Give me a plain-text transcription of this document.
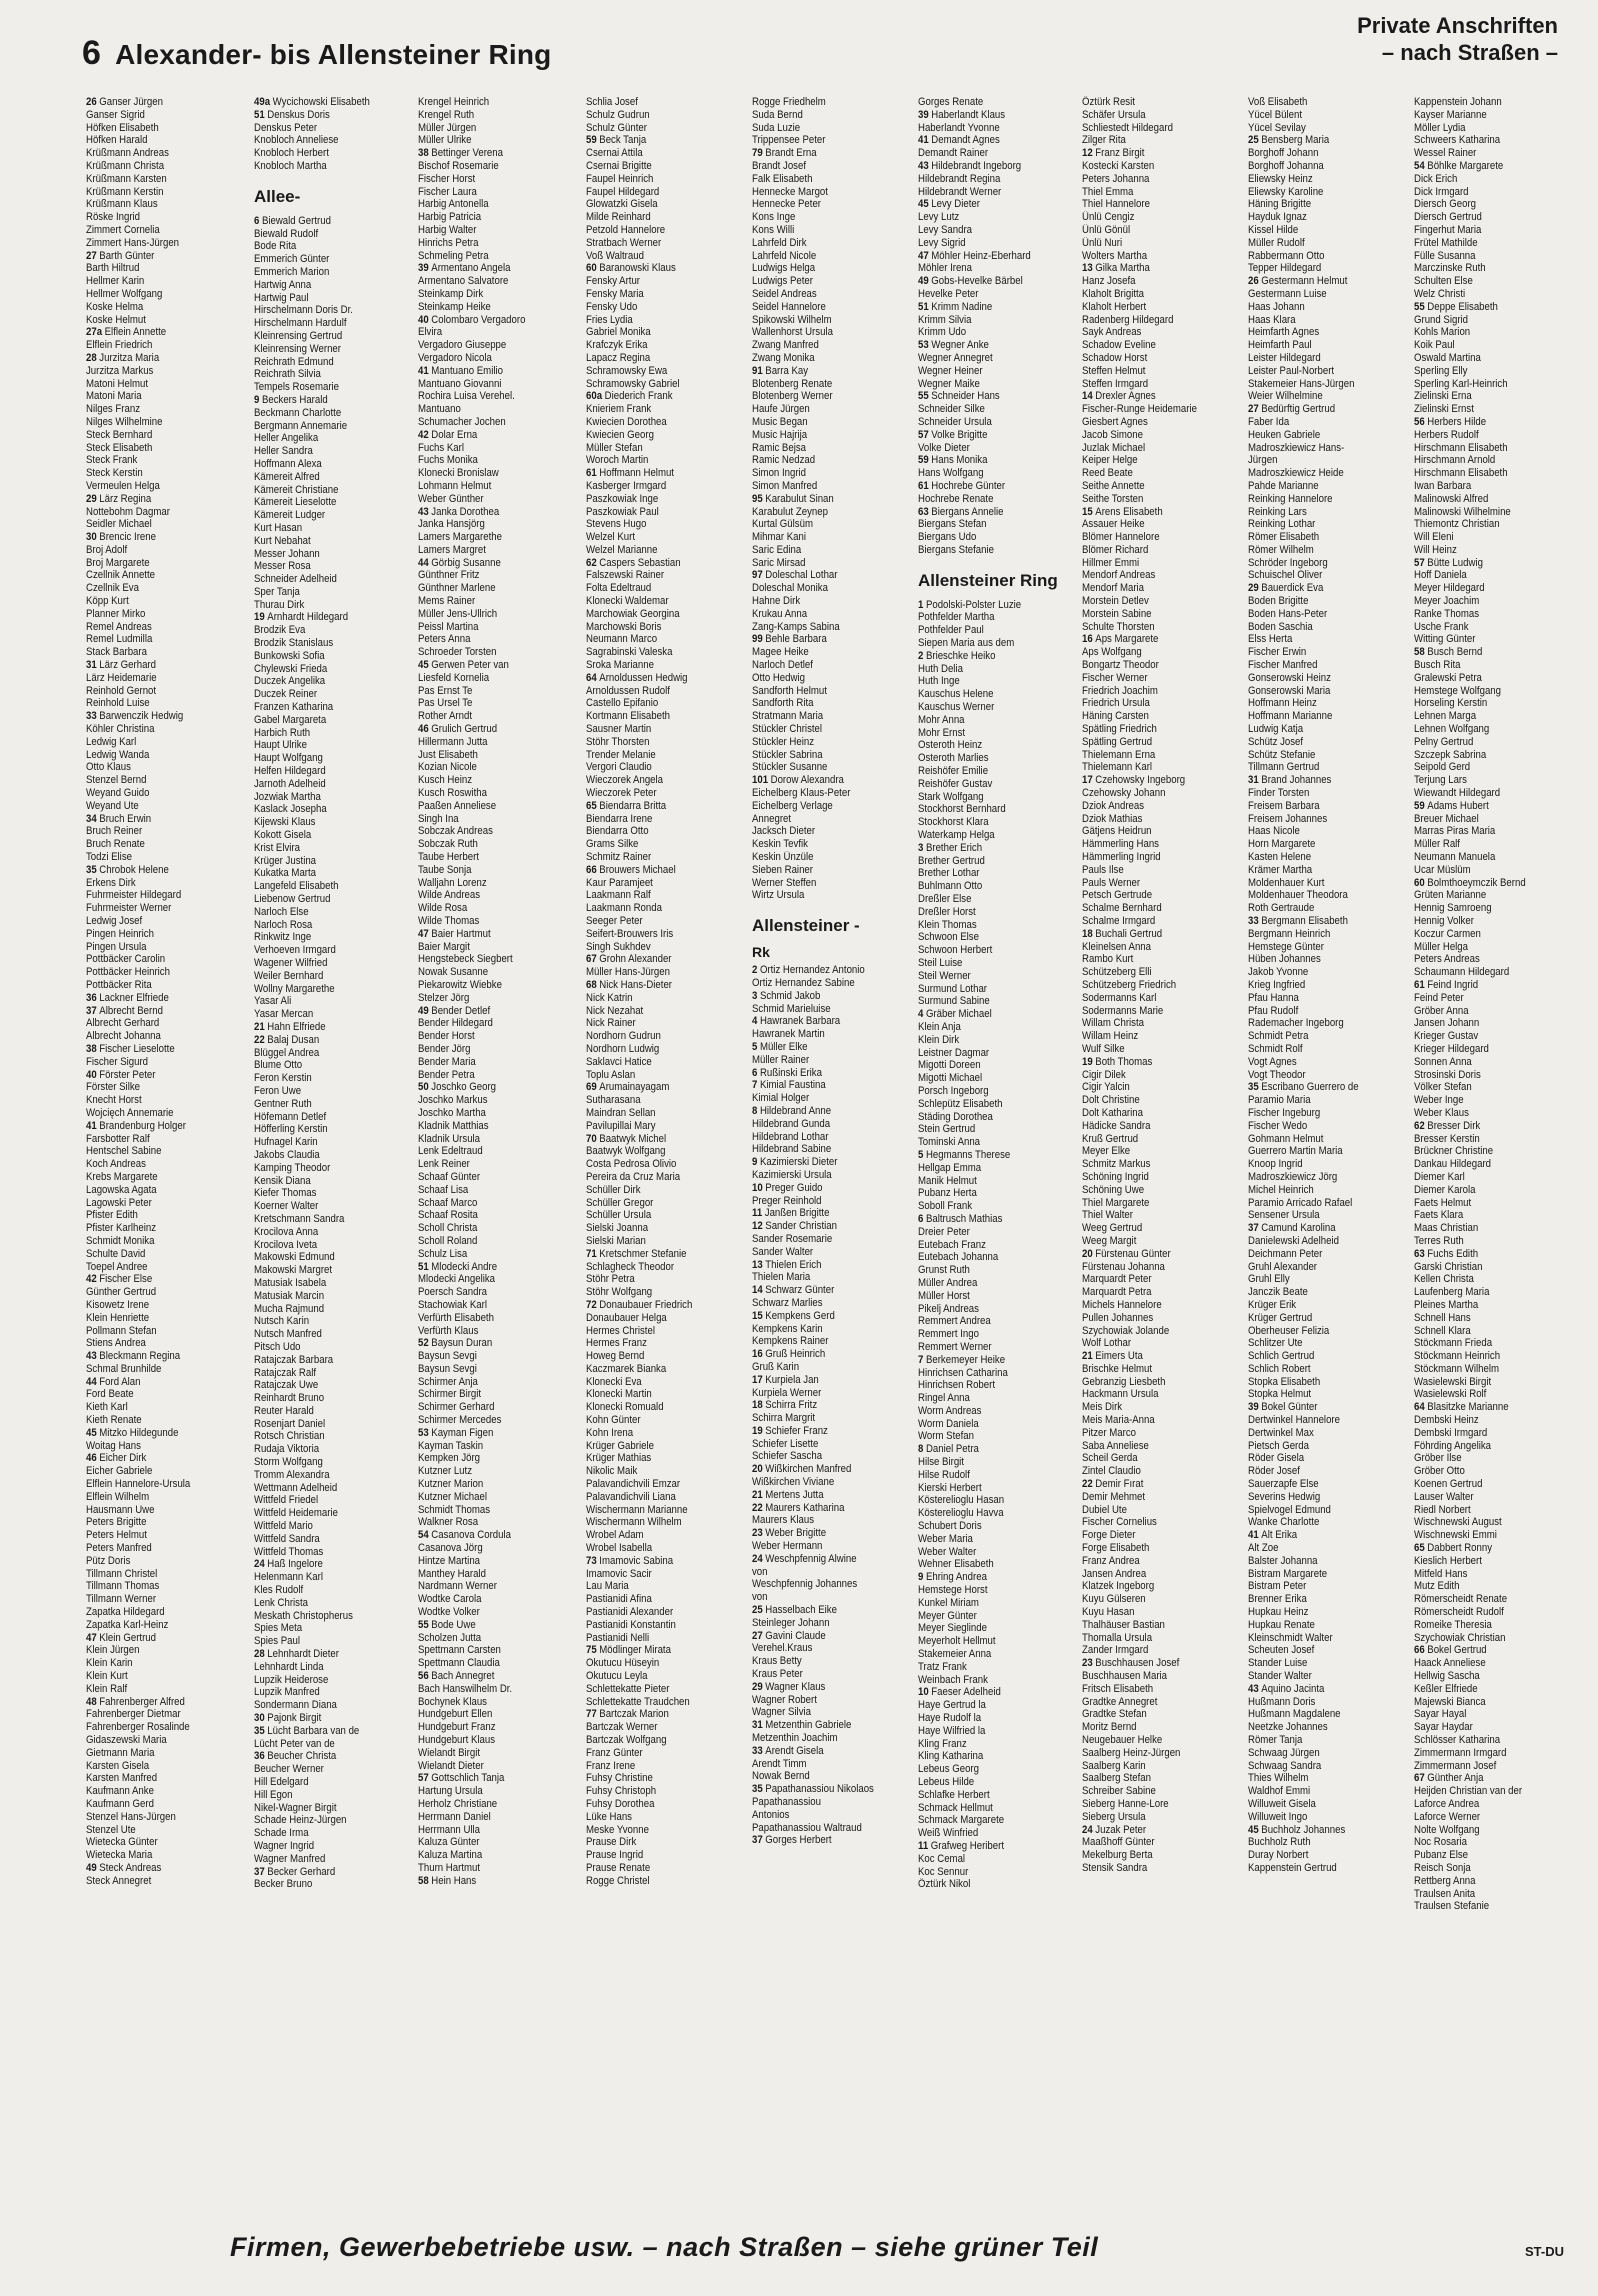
6 Alexander- bis Allensteiner Ring
Private Anschriften
– nach Straßen –
26 Ganser Jürgen
Ganser Sigrid
Höfken Elisabeth
Höfken Harald
Krüßmann Andreas
Krüßmann Christa
Krüßmann Karsten
Krüßmann Kerstin
Krüßmann Klaus
Röske Ingrid
Zimmert Cornelia
Zimmert Hans-Jürgen
27 Barth Günter
Barth Hiltrud
Hellmer Karin
Hellmer Wolfgang
Koske Helma
Koske Helmut
27a Elflein Annette
Elflein Friedrich
28 Jurzitza Maria
Jurzitza Markus
Matoni Helmut
Matoni Maria
Nilges Franz
Nilges Wilhelmine
Steck Bernhard
Steck Elisabeth
Steck Frank
Steck Kerstin
Vermeulen Helga
29 Lärz Regina
Nottebohm Dagmar
Seidler Michael
30 Brencic Irene
Broj Adolf
Broj Margarete
Czellnik Annette
Czellnik Eva
Köpp Kurt
Planner Mirko
Remel Andreas
Remel Ludmilla
Stack Barbara
31 Lärz Gerhard
Lärz Heidemarie
Reinhold Gernot
Reinhold Luise
33 Barwenczik Hedwig
Köhler Christina
Ledwig Karl
Ledwig Wanda
Otto Klaus
Stenzel Bernd
Weyand Guido
Weyand Ute
34 Bruch Erwin
Bruch Reiner
Bruch Renate
Todzi Elise
35 Chrobok Helene
Erkens Dirk
Fuhrmeister Hildegard
Fuhrmeister Werner
Ledwig Josef
Pingen Heinrich
Pingen Ursula
Pottbäcker Carolin
Pottbäcker Heinrich
Pottbäcker Rita
36 Lackner Elfriede
37 Albrecht Bernd
Albrecht Gerhard
Albrecht Johanna
38 Fischer Lieselotte
Fischer Sigurd
40 Förster Peter
Förster Silke
Knecht Horst
Wojcięch Annemarie
41 Brandenburg Holger
Farsbotter Ralf
Hentschel Sabine
Koch Andreas
Krebs Margarete
Lagowska Agata
Lagowski Peter
Pfister Edith
Pfister Karlheinz
Schmidt Monika
Schulte David
Toepel Andree
42 Fischer Else
Günther Gertrud
Kisowetz Irene
Klein Henriette
Pollmann Stefan
Stiens Andrea
43 Bleckmann Regina
Schmal Brunhilde
44 Ford Alan
Ford Beate
Kieth Karl
Kieth Renate
45 Mitzko Hildegunde
Woitag Hans
46 Eicher Dirk
Eicher Gabriele
Elflein Hannelore-Ursula
Elflein Wilhelm
Hausmann Uwe
Peters Brigitte
Peters Helmut
Peters Manfred
Pütz Doris
Tillmann Christel
Tillmann Thomas
Tillmann Werner
Zapatka Hildegard
Zapatka Karl-Heinz
47 Klein Gertrud
Klein Jürgen
Klein Karin
Klein Kurt
Klein Ralf
48 Fahrenberger Alfred
Fahrenberger Dietmar
Fahrenberger Rosalinde
Gidaszewski Maria
Gietmann Maria
Karsten Gisela
Karsten Manfred
Kaufmann Anke
Kaufmann Gerd
Stenzel Hans-Jürgen
Stenzel Ute
Wietecka Günter
Wietecka Maria
49 Steck Andreas
Steck Annegret
49a Wycichowski Elisabeth
51 Denskus Doris
Denskus Peter
Knobloch Anneliese
Knobloch Herbert
Knobloch Martha
Allee-
6 Biewald Gertrud
Biewald Rudolf
Bode Rita
Emmerich Günter
Emmerich Marion
Hartwig Anna
Hartwig Paul
Hirschelmann Doris Dr.
Hirschelmann Hardulf
Kleinrensing Gertrud
Kleinrensing Werner
Reichrath Edmund
Reichrath Silvia
Tempels Rosemarie
9 Beckers Harald
Beckmann Charlotte
Bergmann Annemarie
Heller Angelika
Heller Sandra
Hoffmann Alexa
Kämereit Alfred
Kämereit Christiane
Kämereit Lieselotte
Kämereit Ludger
Kurt Hasan
Kurt Nebahat
Messer Johann
Messer Rosa
Schneider Adelheid
Sper Tanja
Thurau Dirk
19 Arnhardt Hildegard
Brodzik Eva
Brodzik Stanislaus
Bunkowski Sofia
Chylewski Frieda
Duczek Angelika
Duczek Reiner
Franzen Katharina
Gabel Margareta
Harbich Ruth
Haupt Ulrike
Haupt Wolfgang
Helfen Hildegard
Jarnoth Adelheid
Jozwiak Martha
Kaslack Josepha
Kijewski Klaus
Kokott Gisela
Krist Elvira
Krüger Justina
Kukatka Marta
Langefeld Elisabeth
Liebenow Gertrud
Narloch Else
Narloch Rosa
Rinkwitz Inge
Verhoeven Irmgard
Wagener Wilfried
Weiler Bernhard
Wollny Margarethe
Yasar Ali
Yasar Mercan
21 Hahn Elfriede
22 Balaj Dusan
Blüggel Andrea
Blume Otto
Feron Kerstin
Feron Uwe
Gentner Ruth
Höfemann Detlef
Höfferling Kerstin
Hufnagel Karin
Jakobs Claudia
Kamping Theodor
Kensik Diana
Kiefer Thomas
Koerner Walter
Kretschmann Sandra
Krocilova Anna
Krocilova Iveta
Makowski Edmund
Makowski Margret
Matusiak Isabela
Matusiak Marcin
Mucha Rajmund
Nutsch Karin
Nutsch Manfred
Pitsch Udo
Ratajczak Barbara
Ratajczak Ralf
Ratajczak Uwe
Reinhardt Bruno
Reuter Harald
Rosenjart Daniel
Rotsch Christian
Rudaja Viktoria
Storm Wolfgang
Tromm Alexandra
Wettmann Adelheid
Wittfeld Friedel
Wittfeld Heidemarie
Wittfeld Mario
Wittfeld Sandra
Wittfeld Thomas
24 Haß Ingelore
Helenmann Karl
Kles Rudolf
Lenk Christa
Meskath Christopherus
Spies Meta
Spies Paul
28 Lehnhardt Dieter
Lehnhardt Linda
Lupzik Heiderose
Lupzik Manfred
Sondermann Diana
30 Pajonk Birgit
35 Lücht Barbara van de
Lücht Peter van de
36 Beucher Christa
Beucher Werner
Hill Edelgard
Hill Egon
Nikel-Wagner Birgit
Schade Heinz-Jürgen
Schade Irma
Wagner Ingrid
Wagner Manfred
37 Becker Gerhard
Becker Bruno
Krengel Heinrich
Krengel Ruth
Müller Jürgen
Müller Ulrike
38 Bettinger Verena
Bischof Rosemarie
Fischer Horst
Fischer Laura
Harbig Antonella
Harbig Patricia
Harbig Walter
Hinrichs Petra
Schmeling Petra
39 Armentano Angela
Armentano Salvatore
Steinkamp Dirk
Steinkamp Heike
40 Colombaro Vergadoro
Elvira
Vergadoro Giuseppe
Vergadoro Nicola
41 Mantuano Emilio
Mantuano Giovanni
Rochira Luisa Verehel.
Mantuano
Schumacher Jochen
42 Dolar Erna
Fuchs Karl
Fuchs Monika
Klonecki Bronislaw
Lohmann Helmut
Weber Günther
43 Janka Dorothea
Janka Hansjörg
Lamers Margarethe
Lamers Margret
44 Görbig Susanne
Günthner Fritz
Günthner Marlene
Mems Rainer
Müller Jens-Ullrich
Peissl Martina
Peters Anna
Schroeder Torsten
45 Gerwen Peter van
Liesfeld Kornelia
Pas Ernst Te
Pas Ursel Te
Rother Arndt
46 Grulich Gertrud
Hillermann Jutta
Just Elisabeth
Kozian Nicole
Kusch Heinz
Kusch Roswitha
Paaßen Anneliese
Singh Ina
Sobczak Andreas
Sobczak Ruth
Taube Herbert
Taube Sonja
Walljahn Lorenz
Wilde Andreas
Wilde Rosa
Wilde Thomas
47 Baier Hartmut
Baier Margit
Hengstebeck Siegbert
Nowak Susanne
Piekarowitz Wiebke
Stelzer Jörg
49 Bender Detlef
Bender Hildegard
Bender Horst
Bender Jörg
Bender Maria
Bender Petra
50 Joschko Georg
Joschko Markus
Joschko Martha
Kladnik Matthias
Kladnik Ursula
Lenk Edeltraud
Lenk Reiner
Schaaf Günter
Schaaf Lisa
Schaaf Marco
Schaaf Rosita
Scholl Christa
Scholl Roland
Schulz Lisa
51 Mlodecki Andre
Mlodecki Angelika
Poersch Sandra
Stachowiak Karl
Verfürth Elisabeth
Verfürth Klaus
52 Baysun Duran
Baysun Sevgi
Baysun Sevgi
Schirmer Anja
Schirmer Birgit
Schirmer Gerhard
Schirmer Mercedes
53 Kayman Figen
Kayman Taskin
Kempken Jörg
Kutzner Lutz
Kutzner Marion
Kutzner Michael
Schmidt Thomas
Walkner Rosa
54 Casanova Cordula
Casanova Jörg
Hintze Martina
Manthey Harald
Nardmann Werner
Wodtke Carola
Wodtke Volker
55 Bode Uwe
Scholzen Jutta
Spettmann Carsten
Spettmann Claudia
56 Bach Annegret
Bach Hanswilhelm Dr.
Bochynek Klaus
Hundgeburt Ellen
Hundgeburt Franz
Hundgeburt Klaus
Wielandt Birgit
Wielandt Dieter
57 Gottschlich Tanja
Hartung Ursula
Herholz Christiane
Herrmann Daniel
Herrmann Ulla
Kaluza Günter
Kaluza Martina
Thurn Hartmut
58 Hein Hans
Schlia Josef
Schulz Gudrun
Schulz Günter
59 Beck Tanja
Csernai Attila
Csernai Brigitte
Faupel Heinrich
Faupel Hildegard
Glowatzki Gisela
Milde Reinhard
Petzold Hannelore
Stratbach Werner
Voß Waltraud
60 Baranowski Klaus
Fensky Artur
Fensky Maria
Fensky Udo
Fries Lydia
Gabriel Monika
Krafczyk Erika
Lapacz Regina
Schramowsky Ewa
Schramowsky Gabriel
60a Diederich Frank
Knieriem Frank
Kwiecien Dorothea
Kwiecien Georg
Müller Stefan
Woroch Martin
61 Hoffmann Helmut
Kasberger Irmgard
Paszkowiak Inge
Paszkowiak Paul
Stevens Hugo
Welzel Kurt
Welzel Marianne
62 Caspers Sebastian
Falszewski Rainer
Folta Edeltraud
Klonecki Waldemar
Marchowiak Georgina
Marchowski Boris
Neumann Marco
Sagrabinski Valeska
Sroka Marianne
64 Arnoldussen Hedwig
Arnoldussen Rudolf
Castello Epifanio
Kortmann Elisabeth
Sausner Martin
Stöhr Thorsten
Trender Melanie
Vergori Claudio
Wieczorek Angela
Wieczorek Peter
65 Biendarra Britta
Biendarra Irene
Biendarra Otto
Grams Silke
Schmitz Rainer
66 Brouwers Michael
Kaur Paramjeet
Laakmann Ralf
Laakmann Ronda
Seeger Peter
Seifert-Brouwers Iris
Singh Sukhdev
67 Grohn Alexander
Müller Hans-Jürgen
68 Nick Hans-Dieter
Nick Katrin
Nick Nezahat
Nick Rainer
Nordhorn Gudrun
Nordhorn Ludwig
Saklavci Hatice
Toplu Aslan
69 Arumainayagam
Sutharasana
Maindran Sellan
Pavilupillai Mary
70 Baatwyk Michel
Baatwyk Wolfgang
Costa Pedrosa Olivio
Pereira da Cruz Maria
Schüller Dirk
Schüller Gregor
Schüller Ursula
Sielski Joanna
Sielski Marian
71 Kretschmer Stefanie
Schlagheck Theodor
Stöhr Petra
Stöhr Wolfgang
72 Donaubauer Friedrich
Donaubauer Helga
Hermes Christel
Hermes Franz
Howeg Bernd
Kaczmarek Bianka
Klonecki Eva
Klonecki Martin
Klonecki Romuald
Kohn Günter
Kohn Irena
Krüger Gabriele
Krüger Mathias
Nikolic Maik
Palavandichvili Emzar
Palavandichvili Liana
Wischermann Marianne
Wischermann Wilhelm
Wrobel Adam
Wrobel Isabella
73 Imamovic Sabina
Imamovic Sacir
Lau Maria
Pastianidi Afina
Pastianidi Alexander
Pastianidi Konstantin
Pastianidi Nelli
75 Mödlinger Mirata
Okutucu Hüseyin
Okutucu Leyla
Schlettekatte Pieter
Schlettekatte Traudchen
77 Bartczak Marion
Bartczak Werner
Bartczak Wolfgang
Franz Günter
Franz Irene
Fuhsy Christine
Fuhsy Christoph
Fuhsy Dorothea
Lüke Hans
Meske Yvonne
Prause Dirk
Prause Ingrid
Prause Renate
Rogge Christel
Rogge Friedhelm
Suda Bernd
Suda Luzie
Trippensee Peter
79 Brandt Erna
Brandt Josef
Falk Elisabeth
Hennecke Margot
Hennecke Peter
Kons Inge
Kons Willi
Lahrfeld Dirk
Lahrfeld Nicole
Ludwigs Helga
Ludwigs Peter
Seidel Andreas
Seidel Hannelore
Spikowski Wilhelm
Wallenhorst Ursula
Zwang Manfred
Zwang Monika
91 Barra Kay
Blotenberg Renate
Blotenberg Werner
Haufe Jürgen
Music Began
Music Hajrija
Ramic Bejsa
Ramic Nedzad
Simon Ingrid
Simon Manfred
95 Karabulut Sinan
Karabulut Zeynep
Kurtal Gülsüm
Mihmar Kani
Saric Edina
Saric Mirsad
97 Doleschal Lothar
Doleschal Monika
Hahne Dirk
Krukau Anna
Zang-Kamps Sabina
99 Behle Barbara
Magee Heike
Narloch Detlef
Otto Hedwig
Sandforth Helmut
Sandforth Rita
Stratmann Maria
Stückler Christel
Stückler Heinz
Stückler Sabrina
Stückler Susanne
101 Dorow Alexandra
Eichelberg Klaus-Peter
Eichelberg Verlage
Annegret
Jacksch Dieter
Keskin Tevfik
Keskin Ünzüle
Sieben Rainer
Werner Steffen
Wirtz Ursula
Allensteiner -
Rk
2 Ortiz Hernandez Antonio
Ortiz Hernandez Sabine
3 Schmid Jakob
Schmid Marieluise
4 Hawranek Barbara
Hawranek Martin
5 Müller Elke
Müller Rainer
6 Rußinski Erika
7 Kimial Faustina
Kimial Holger
8 Hildebrand Anne
Hildebrand Gunda
Hildebrand Lothar
Hildebrand Sabine
9 Kazimierski Dieter
Kazimierski Ursula
10 Preger Guido
Preger Reinhold
11 Janßen Brigitte
12 Sander Christian
Sander Rosemarie
Sander Walter
13 Thielen Erich
Thielen Maria
14 Schwarz Günter
Schwarz Marlies
15 Kempkens Gerd
Kempkens Karin
Kempkens Rainer
16 Gruß Heinrich
Gruß Karin
17 Kurpiela Jan
Kurpiela Werner
18 Schirra Fritz
Schirra Margrit
19 Schiefer Franz
Schiefer Lisette
Schiefer Sascha
20 Wißkirchen Manfred
Wißkirchen Viviane
21 Mertens Jutta
22 Maurers Katharina
Maurers Klaus
23 Weber Brigitte
Weber Hermann
24 Weschpfennig Alwine
von
Weschpfennig Johannes
von
25 Hasselbach Eike
Steinleger Johann
27 Gavini Claude
Verehel.Kraus
Kraus Betty
Kraus Peter
29 Wagner Klaus
Wagner Robert
Wagner Silvia
31 Metzenthin Gabriele
Metzenthin Joachim
33 Arendt Gisela
Arendt Timm
Nowak Bernd
35 Papathanassiou Nikolaos
Papathanassiou
Antonios
Papathanassiou Waltraud
37 Gorges Herbert
Gorges Renate
39 Haberlandt Klaus
Haberlandt Yvonne
41 Demandt Agnes
Demandt Rainer
43 Hildebrandt Ingeborg
Hildebrandt Regina
Hildebrandt Werner
45 Levy Dieter
Levy Lutz
Levy Sandra
Levy Sigrid
47 Möhler Heinz-Eberhard
Möhler Irena
49 Gobs-Hevelke Bärbel
Hevelke Peter
51 Krimm Nadine
Krimm Silvia
Krimm Udo
53 Wegner Anke
Wegner Annegret
Wegner Heiner
Wegner Maike
55 Schneider Hans
Schneider Silke
Schneider Ursula
57 Volke Brigitte
Volke Dieter
59 Hans Monika
Hans Wolfgang
61 Hochrebe Günter
Hochrebe Renate
63 Biergans Annelie
Biergans Stefan
Biergans Udo
Biergans Stefanie
Allensteiner Ring
1 Podolski-Polster Luzie
Pothfelder Martha
Pothfelder Paul
Siepen Maria aus dem
2 Brieschke Heiko
Huth Delia
Huth Inge
Kauschus Helene
Kauschus Werner
Mohr Anna
Mohr Ernst
Osteroth Heinz
Osteroth Marlies
Reishöfer Emilie
Reishöfer Gustav
Stark Wolfgang
Stockhorst Bernhard
Stockhorst Klara
Waterkamp Helga
3 Brether Erich
Brether Gertrud
Brether Lothar
Buhlmann Otto
Dreßler Else
Dreßler Horst
Klein Thomas
Schwoon Else
Schwoon Herbert
Steil Luise
Steil Werner
Surmund Lothar
Surmund Sabine
4 Gräber Michael
Klein Anja
Klein Dirk
Leistner Dagmar
Migotti Doreen
Migotti Michael
Porsch Ingeborg
Schlepütz Elisabeth
Städing Dorothea
Stein Gertrud
Tominski Anna
5 Hegmanns Therese
Hellgap Emma
Manik Helmut
Pubanz Herta
Soboll Frank
6 Baltrusch Mathias
Dreier Peter
Eutebach Franz
Eutebach Johanna
Grunst Ruth
Müller Andrea
Müller Horst
Pikelj Andreas
Remmert Andrea
Remmert Ingo
Remmert Werner
7 Berkemeyer Heike
Hinrichsen Catharina
Hinrichsen Robert
Ringel Anna
Worm Andreas
Worm Daniela
Worm Stefan
8 Daniel Petra
Hilse Birgit
Hilse Rudolf
Kierski Herbert
Kösterelioglu Hasan
Kösterelioglu Havva
Schubert Doris
Weber Maria
Weber Walter
Wehner Elisabeth
9 Ehring Andrea
Hemstege Horst
Kunkel Miriam
Meyer Günter
Meyer Sieglinde
Meyerholt Hellmut
Stakemeier Anna
Tratz Frank
Weinbach Frank
10 Faeser Adelheid
Haye Gertrud la
Haye Rudolf la
Haye Wilfried la
Kling Franz
Kling Katharina
Lebeus Georg
Lebeus Hilde
Schlafke Herbert
Schmack Hellmut
Schmack Margarete
Weiß Winfried
11 Grafweg Heribert
Koc Cemal
Koc Sennur
Öztürk Nikol
Öztürk Resit
Schäfer Ursula
Schliestedt Hildegard
Zilger Rita
12 Franz Birgit
Kostecki Karsten
Peters Johanna
Thiel Emma
Thiel Hannelore
Ünlü Cengiz
Ünlü Gönül
Ünlü Nuri
Wolters Martha
13 Gilka Martha
Hanz Josefa
Klaholt Brigitta
Klaholt Herbert
Radenberg Hildegard
Sayk Andreas
Schadow Eveline
Schadow Horst
Steffen Helmut
Steffen Irmgard
14 Drexler Agnes
Fischer-Runge Heidemarie
Giesbert Agnes
Jacob Simone
Juzlak Michael
Keiper Helge
Reed Beate
Seithe Annette
Seithe Torsten
15 Arens Elisabeth
Assauer Heike
Blömer Hannelore
Blömer Richard
Hillmer Emmi
Mendorf Andreas
Mendorf Maria
Morstein Detlev
Morstein Sabine
Schulte Thorsten
16 Aps Margarete
Aps Wolfgang
Bongartz Theodor
Fischer Werner
Friedrich Joachim
Friedrich Ursula
Häning Carsten
Spätling Friedrich
Spätling Gertrud
Thielemann Erna
Thielemann Karl
17 Czehowsky Ingeborg
Czehowsky Johann
Dziok Andreas
Dziok Mathias
Gätjens Heidrun
Hämmerling Hans
Hämmerling Ingrid
Pauls Ilse
Pauls Werner
Petsch Gertrude
Schalme Bernhard
Schalme Irmgard
18 Buchali Gertrud
Kleinelsen Anna
Rambo Kurt
Schützeberg Elli
Schützeberg Friedrich
Sodermanns Karl
Sodermanns Marie
Willam Christa
Willam Heinz
Wulf Silke
19 Both Thomas
Cigir Dilek
Cigir Yalcin
Dolt Christine
Dolt Katharina
Hädicke Sandra
Kruß Gertrud
Meyer Elke
Schmitz Markus
Schöning Ingrid
Schöning Uwe
Thiel Margarete
Thiel Walter
Weeg Gertrud
Weeg Margit
20 Fürstenau Günter
Fürstenau Johanna
Marquardt Peter
Marquardt Petra
Michels Hannelore
Pullen Johannes
Szychowiak Jolande
Wolf Lothar
21 Eimers Uta
Brischke Helmut
Gebranzig Liesbeth
Hackmann Ursula
Meis Dirk
Meis Maria-Anna
Pitzer Marco
Saba Anneliese
Scheil Gerda
Zintel Claudio
22 Demir Fırat
Demir Mehmet
Dubiel Ute
Fischer Cornelius
Forge Dieter
Forge Elisabeth
Franz Andrea
Jansen Andrea
Klatzek Ingeborg
Kuyu Gülseren
Kuyu Hasan
Thalhäuser Bastian
Thomalla Ursula
Zander Irmgard
23 Buschhausen Josef
Buschhausen Maria
Fritsch Elisabeth
Gradtke Annegret
Gradtke Stefan
Moritz Bernd
Neugebauer Helke
Saalberg Heinz-Jürgen
Saalberg Karin
Saalberg Stefan
Schreiber Sabine
Sieberg Hanne-Lore
Sieberg Ursula
24 Juzak Peter
Maaßhoff Günter
Mekelburg Berta
Stensik Sandra
Voß Elisabeth
Yücel Bülent
Yücel Sevilay
25 Bensberg Maria
Borghoff Johann
Borghoff Johanna
Eliewsky Heinz
Eliewsky Karoline
Häning Brigitte
Hayduk Ignaz
Kissel Hilde
Müller Rudolf
Rabbermann Otto
Tepper Hildegard
26 Gestermann Helmut
Gestermann Luise
Haas Johann
Haas Klara
Heimfarth Agnes
Heimfarth Paul
Leister Hildegard
Leister Paul-Norbert
Stakemeier Hans-Jürgen
Weier Wilhelmine
27 Bedürftig Gertrud
Faber Ida
Heuken Gabriele
Madroszkiewicz Hans-
Jürgen
Madroszkiewicz Heide
Pahde Marianne
Reinking Hannelore
Reinking Lars
Reinking Lothar
Römer Elisabeth
Römer Wilhelm
Schröder Ingeborg
Schuischel Oliver
29 Bauerdick Eva
Boden Brigitte
Boden Hans-Peter
Boden Saschia
Elss Herta
Fischer Erwin
Fischer Manfred
Gonserowski Heinz
Gonserowski Maria
Hoffmann Heinz
Hoffmann Marianne
Ludwig Katja
Schütz Josef
Schütz Stefanie
Tillmann Gertrud
31 Brand Johannes
Finder Torsten
Freisem Barbara
Freisem Johannes
Haas Nicole
Horn Margarete
Kasten Helene
Krämer Martha
Moldenhauer Kurt
Moldenhauer Theodora
Roth Gertraude
33 Bergmann Elisabeth
Bergmann Heinrich
Hemstege Günter
Hüben Johannes
Jakob Yvonne
Krieg Ingfried
Pfau Hanna
Pfau Rudolf
Rademacher Ingeborg
Schmidt Petra
Schmidt Rolf
Vogt Agnes
Vogt Theodor
35 Escribano Guerrero de
Paramio Maria
Fischer Ingeburg
Fischer Wedo
Gohmann Helmut
Guerrero Martin Maria
Knoop Ingrid
Madroszkiewicz Jörg
Michel Heinrich
Paramio Arricado Rafael
Sensener Ursula
37 Camund Karolina
Danielewski Adelheid
Deichmann Peter
Gruhl Alexander
Gruhl Elly
Janczik Beate
Krüger Erik
Krüger Gertrud
Oberheuser Felizia
Schlitzer Ute
Schlich Gertrud
Schlich Robert
Stopka Elisabeth
Stopka Helmut
39 Bokel Günter
Dertwinkel Hannelore
Dertwinkel Max
Pietsch Gerda
Röder Gisela
Röder Josef
Sauerzapfe Else
Severins Hedwig
Spielvogel Edmund
Wanke Charlotte
41 Alt Erika
Alt Zoe
Balster Johanna
Bistram Margarete
Bistram Peter
Brenner Erika
Hupkau Heinz
Hupkau Renate
Kleinschmidt Walter
Scheuten Josef
Stander Luise
Stander Walter
43 Aquino Jacinta
Hußmann Doris
Hußmann Magdalene
Neetzke Johannes
Römer Tanja
Schwaag Jürgen
Schwaag Sandra
Thies Wilhelm
Waldhof Emmi
Willuweit Gisela
Willuweit Ingo
45 Buchholz Johannes
Buchholz Ruth
Duray Norbert
Kappenstein Gertrud
Kappenstein Johann
Kayser Marianne
Möller Lydia
Schweers Katharina
Wessel Rainer
54 Böhlke Margarete
Dick Erich
Dick Irmgard
Diersch Georg
Diersch Gertrud
Fingerhut Maria
Frütel Mathilde
Fülle Susanna
Marczinske Ruth
Schulten Else
Welz Christi
55 Deppe Elisabeth
Grund Sigrid
Kohls Marion
Koik Paul
Oswald Martina
Sperling Elly
Sperling Karl-Heinrich
Zielinski Erna
Zielinski Ernst
56 Herbers Hilde
Herbers Rudolf
Hirschmann Elisabeth
Hirschmann Arnold
Hirschmann Elisabeth
Iwan Barbara
Malinowski Alfred
Malinowski Wilhelmine
Thiemontz Christian
Will Eleni
Will Heinz
57 Bütte Ludwig
Hoff Daniela
Meyer Hildegard
Meyer Joachim
Ranke Thomas
Usche Frank
Witting Günter
58 Busch Bernd
Busch Rita
Gralewski Petra
Hemstege Wolfgang
Horseling Kerstin
Lehnen Marga
Lehnen Wolfgang
Pelny Gertrud
Szczepk Sabrina
Seipold Gerd
Terjung Lars
Wiewandt Hildegard
59 Adams Hubert
Breuer Michael
Marras Piras Maria
Müller Ralf
Neumann Manuela
Ucar Müslüm
60 Bolmthoeymczik Bernd
Grüten Marianne
Hennig Samroeng
Hennig Volker
Koczur Carmen
Müller Helga
Peters Andreas
Schaumann Hildegard
61 Feind Ingrid
Feind Peter
Gröber Anna
Jansen Johann
Krieger Gustav
Krieger Hildegard
Sonnen Anna
Strosinski Doris
Völker Stefan
Weber Inge
Weber Klaus
62 Bresser Dirk
Bresser Kerstin
Brückner Christine
Dankau Hildegard
Diemer Karl
Diemer Karola
Faets Helmut
Faets Klara
Maas Christian
Terres Ruth
63 Fuchs Edith
Garski Christian
Kellen Christa
Laufenberg Maria
Pleines Martha
Schnell Hans
Schnell Klara
Stöckmann Frieda
Stöckmann Heinrich
Stöckmann Wilhelm
Wasielewski Birgit
Wasielewski Rolf
64 Blasitzke Marianne
Dembski Heinz
Dembski Irmgard
Föhrding Angelika
Gröber Ilse
Gröber Otto
Koenen Gertrud
Lauser Walter
Riedl Norbert
Wischnewski August
Wischnewski Emmi
65 Dabbert Ronny
Kieslich Herbert
Mitfeld Hans
Mutz Edith
Römerscheidt Renate
Römerscheidt Rudolf
Romeike Theresia
Szychowiak Christian
66 Bokel Gertrud
Haack Anneliese
Hellwig Sascha
Keßler Elfriede
Majewski Bianca
Sayar Hayal
Sayar Haydar
Schlösser Katharina
Zimmermann Irmgard
Zimmermann Josef
67 Günther Anja
Heijden Christian van der
Laforce Andrea
Laforce Werner
Nolte Wolfgang
Noc Rosaria
Pubanz Else
Reisch Sonja
Rettberg Anna
Traulsen Anita
Traulsen Stefanie
Firmen, Gewerbebetriebe usw. – nach Straßen – siehe grüner Teil	ST-DU
